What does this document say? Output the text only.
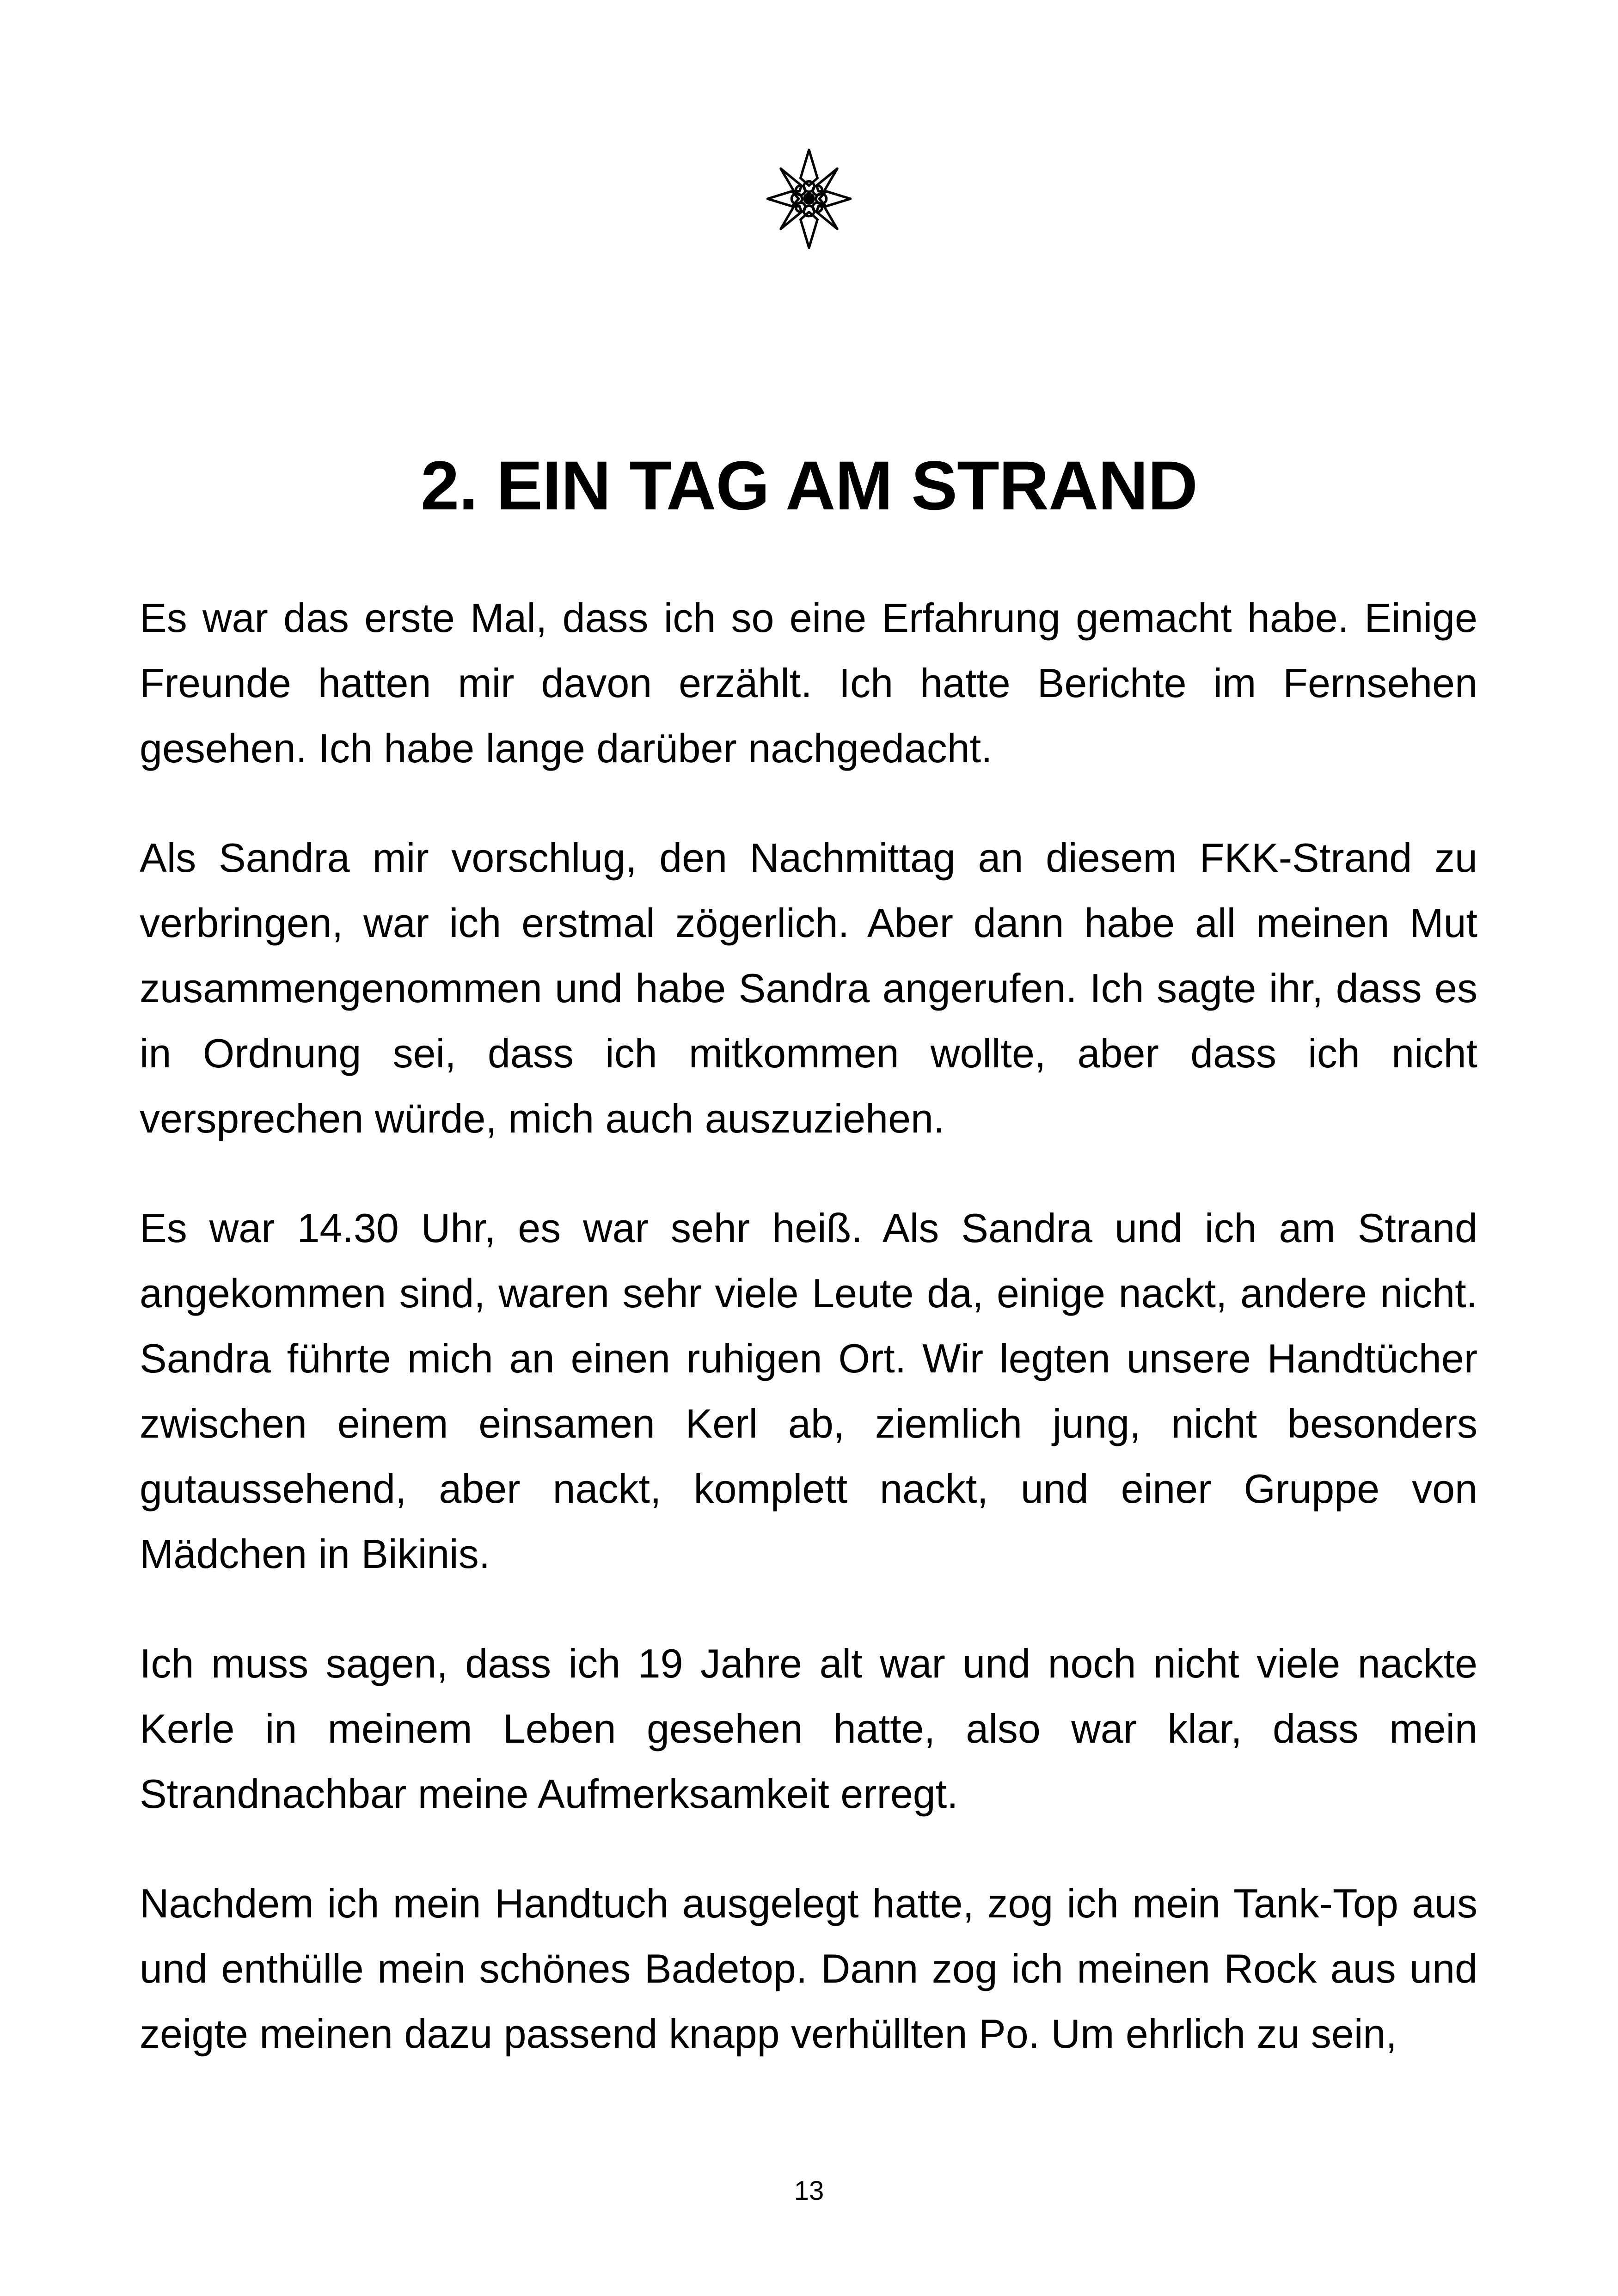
2. EIN TAG AM STRAND

Es war das erste Mal, dass ich so eine Erfahrung gemacht habe. Einige Freunde hatten mir davon erzählt. Ich hatte Berichte im Fernsehen gesehen. Ich habe lange darüber nachgedacht.

Als Sandra mir vorschlug, den Nachmittag an diesem FKK-Strand zu verbringen, war ich erstmal zögerlich. Aber dann habe all meinen Mut zusammengenommen und habe Sandra angerufen. Ich sagte ihr, dass es in Ordnung sei, dass ich mitkommen wollte, aber dass ich nicht versprechen würde, mich auch auszuziehen.

Es war 14.30 Uhr, es war sehr heiß. Als Sandra und ich am Strand angekommen sind, waren sehr viele Leute da, einige nackt, andere nicht. Sandra führte mich an einen ruhigen Ort. Wir legten unsere Handtücher zwischen einem einsamen Kerl ab, ziemlich jung, nicht besonders gutaussehend, aber nackt, komplett nackt, und einer Gruppe von Mädchen in Bikinis.

Ich muss sagen, dass ich 19 Jahre alt war und noch nicht viele nackte Kerle in meinem Leben gesehen hatte, also war klar, dass mein Strandnachbar meine Aufmerksamkeit erregt.

Nachdem ich mein Handtuch ausgelegt hatte, zog ich mein Tank-Top aus und enthülle mein schönes Badetop. Dann zog ich meinen Rock aus und zeigte meinen dazu passend knapp verhüllten Po. Um ehrlich zu sein,

13
